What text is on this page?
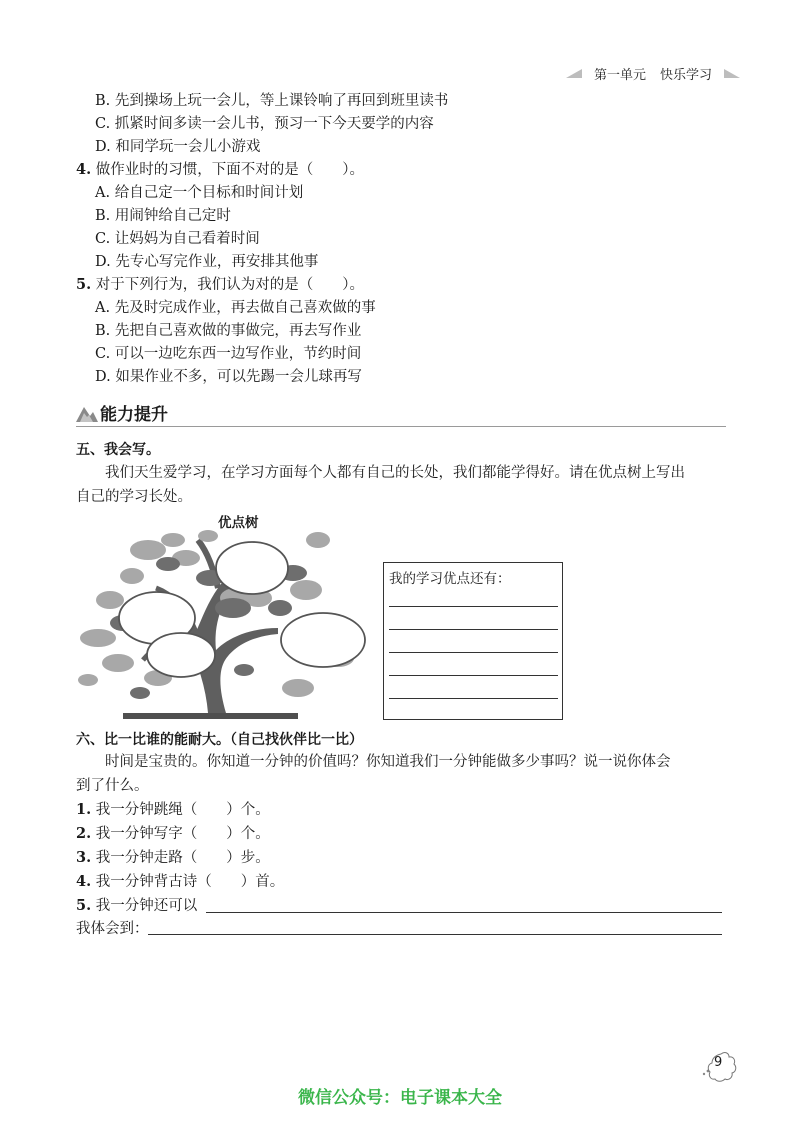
第一单元 快乐学习
B. 先到操场上玩一会儿，等上课铃响了再回到班里读书
C. 抓紧时间多读一会儿书，预习一下今天要学的内容
D. 和同学玩一会儿小游戏
4. 做作业时的习惯，下面不对的是（　　）。
A. 给自己定一个目标和时间计划
B. 用闹钟给自己定时
C. 让妈妈为自己看着时间
D. 先专心写完作业，再安排其他事
5. 对于下列行为，我们认为对的是（　　）。
A. 先及时完成作业，再去做自己喜欢做的事
B. 先把自己喜欢做的事做完，再去写作业
C. 可以一边吃东西一边写作业，节约时间
D. 如果作业不多，可以先踢一会儿球再写
能力提升
五、我会写。
我们天生爱学习，在学习方面每个人都有自己的长处，我们都能学得好。请在优点树上写出
自己的学习长处。
优点树
我的学习优点还有：
六、比一比谁的能耐大。（自己找伙伴比一比）
时间是宝贵的。你知道一分钟的价值吗？你知道我们一分钟能做多少事吗？说一说你体会
到了什么。
1. 我一分钟跳绳（　　）个。
2. 我一分钟写字（　　）个。
3. 我一分钟走路（　　）步。
4. 我一分钟背古诗（　　）首。
5. 我一分钟还可以
我体会到：
9
微信公众号：电子课本大全
